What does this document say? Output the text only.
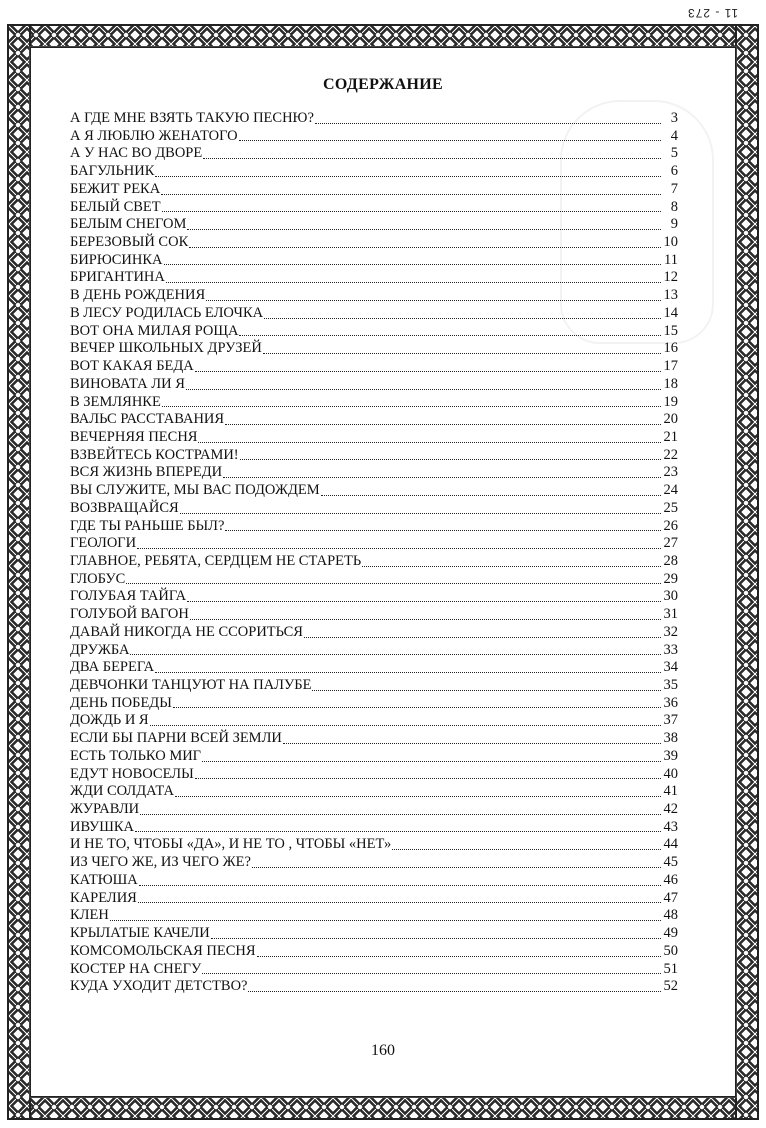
11 - 273
СОДЕРЖАНИЕ
А ГДЕ МНЕ ВЗЯТЬ ТАКУЮ ПЕСНЮ?	3
А Я ЛЮБЛЮ ЖЕНАТОГО	4
А У НАС ВО ДВОРЕ	5
БАГУЛЬНИК	6
БЕЖИТ РЕКА	7
БЕЛЫЙ СВЕТ	8
БЕЛЫМ СНЕГОМ	9
БЕРЕЗОВЫЙ СОК	10
БИРЮСИНКА	11
БРИГАНТИНА	12
В ДЕНЬ РОЖДЕНИЯ	13
В ЛЕСУ РОДИЛАСЬ ЕЛОЧКА	14
ВОТ ОНА МИЛАЯ РОЩА	15
ВЕЧЕР ШКОЛЬНЫХ ДРУЗЕЙ	16
ВОТ КАКАЯ БЕДА	17
ВИНОВАТА ЛИ Я	18
В ЗЕМЛЯНКЕ	19
ВАЛЬС РАССТАВАНИЯ	20
ВЕЧЕРНЯЯ ПЕСНЯ	21
ВЗВЕЙТЕСЬ КОСТРАМИ!	22
ВСЯ ЖИЗНЬ ВПЕРЕДИ	23
ВЫ СЛУЖИТЕ, МЫ ВАС ПОДОЖДЕМ	24
ВОЗВРАЩАЙСЯ	25
ГДЕ ТЫ РАНЬШЕ БЫЛ?	26
ГЕОЛОГИ	27
ГЛАВНОЕ, РЕБЯТА, СЕРДЦЕМ НЕ СТАРЕТЬ	28
ГЛОБУС	29
ГОЛУБАЯ ТАЙГА	30
ГОЛУБОЙ ВАГОН	31
ДАВАЙ НИКОГДА НЕ ССОРИТЬСЯ	32
ДРУЖБА	33
ДВА БЕРЕГА	34
ДЕВЧОНКИ ТАНЦУЮТ НА ПАЛУБЕ	35
ДЕНЬ ПОБЕДЫ	36
ДОЖДЬ И Я	37
ЕСЛИ БЫ ПАРНИ ВСЕЙ ЗЕМЛИ	38
ЕСТЬ ТОЛЬКО МИГ	39
ЕДУТ НОВОСЕЛЫ	40
ЖДИ СОЛДАТА	41
ЖУРАВЛИ	42
ИВУШКА	43
И НЕ ТО, ЧТОБЫ «ДА», И НЕ ТО , ЧТОБЫ «НЕТ»	44
ИЗ ЧЕГО ЖЕ, ИЗ ЧЕГО ЖЕ?	45
КАТЮША	46
КАРЕЛИЯ	47
КЛЕН	48
КРЫЛАТЫЕ КАЧЕЛИ	49
КОМСОМОЛЬСКАЯ ПЕСНЯ	50
КОСТЕР НА СНЕГУ	51
КУДА УХОДИТ ДЕТСТВО?	52
160
